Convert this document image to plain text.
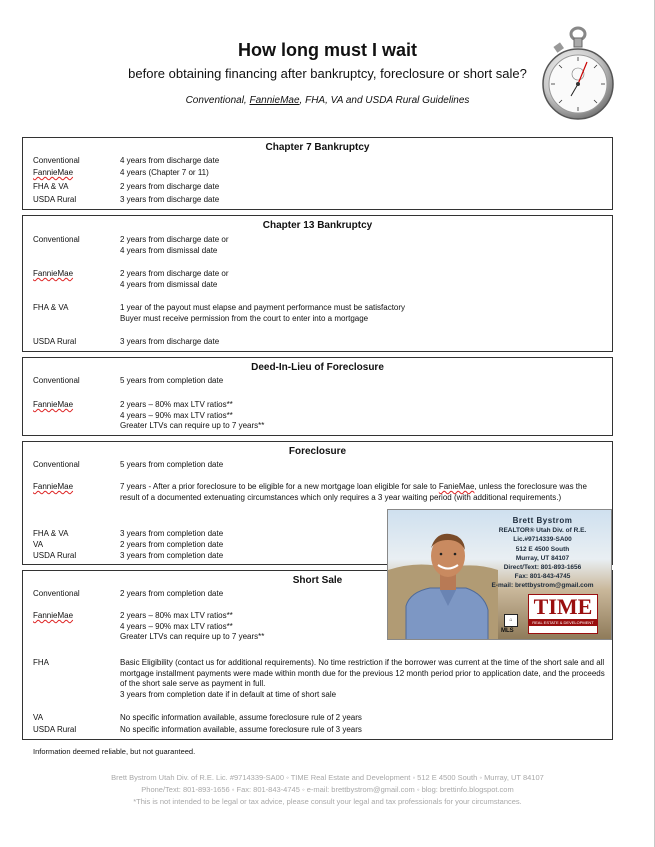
How long must I wait
before obtaining financing after bankruptcy, foreclosure or short sale?
Conventional, FannieMae, FHA, VA and USDA Rural Guidelines
Chapter 7 Bankruptcy
Conventional	4 years from discharge date
FannieMae	4 years (Chapter 7 or 11)
FHA & VA	2 years from discharge date
USDA Rural	3 years from discharge date
Chapter 13 Bankruptcy
Conventional	2 years from discharge date or
4 years from dismissal date
FannieMae	2 years from discharge date or
4 years from dismissal date
FHA & VA	1 year of the payout must elapse and payment performance must be satisfactory
Buyer must receive permission from the court to enter into a mortgage
USDA Rural	3 years from discharge date
Deed-In-Lieu of Foreclosure
Conventional	5 years from completion date
FannieMae	2 years – 80% max LTV ratios**
4 years – 90% max LTV ratios**
Greater LTVs can require up to 7 years**
Foreclosure
Conventional	5 years from completion date
FannieMae	7 years - After a prior foreclosure to be eligible for a new mortgage loan eligible for sale to FanieMae, unless the foreclosure was the result of a documented extenuating circumstances which only requires a 3 year waiting period (with additional requirements.)
FHA & VA	3 years from completion date
VA	2 years from completion date
USDA Rural	3 years from completion date
Short Sale
Conventional	2 years from completion date
FannieMae	2 years – 80% max LTV ratios**
4 years – 90% max LTV ratios**
Greater LTVs can require up to 7 years**
FHA	Basic Eligibility (contact us for additional requirements). No time restriction if the borrower was current at the time of the short sale and all mortgage installment payments were made within month due for the previous 12 month period prior to application date, and the proceeds of the short sale serve as payment in full.
3 years from completion date if in default at time of short sale
VA	No specific information available, assume foreclosure rule of 2 years
USDA Rural	No specific information available, assume foreclosure rule of 3 years
Brett Bystrom
REALTOR® Utah Div. of R.E.
Lic.#9714339-SA00
512 E 4500 South
Murray, UT 84107
Direct/Text: 801-893-1656
Fax: 801-843-4745
E-mail: brettbystrom@gmail.com
⌂
MLS
TIME
REAL ESTATE & DEVELOPMENT
Information deemed reliable, but not guaranteed.
Brett Bystrom Utah Div. of R.E. Lic. #9714339-SA00 ◦ TIME Real Estate and Development ◦ 512 E 4500 South ◦ Murray, UT 84107
Phone/Text: 801-893-1656 ◦ Fax: 801-843-4745 ◦ e-mail: brettbystrom@gmail.com ◦ blog: brettinfo.blogspot.com
*This is not intended to be legal or tax advice, please consult your legal and tax professionals for your circumstances.
